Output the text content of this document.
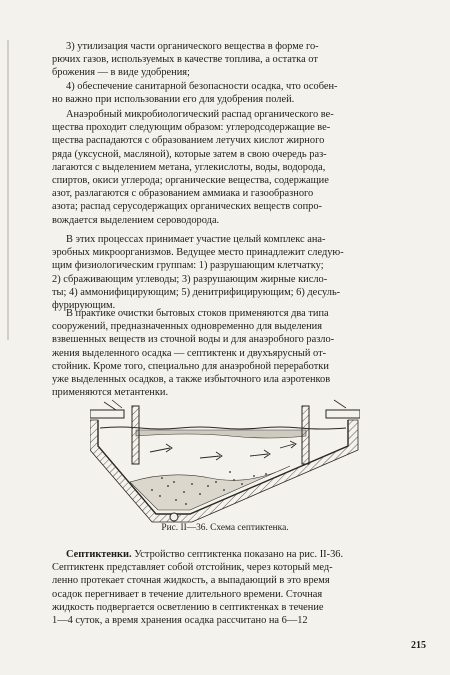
3) утилизация части органического вещества в форме го-
рючих газов, используемых в качестве топлива, а остатка от
брожения — в виде удобрения;
4) обеспечение санитарной безопасности осадка, что особен-
но важно при использовании его для удобрения полей.
Анаэробный микробиологический распад органического ве-
щества проходит следующим образом: углеродсодержащие ве-
щества распадаются с образованием летучих кислот жирного
ряда (уксусной, масляной), которые затем в свою очередь раз-
лагаются с выделением метана, углекислоты, воды, водорода,
спиртов, окиси углерода; органические вещества, содержащие
азот, разлагаются с образованием аммиака и газообразного
азота; распад серусодержащих органических веществ сопро-
вождается выделением сероводорода.
В этих процессах принимает участие целый комплекс ана-
эробных микроорганизмов. Ведущее место принадлежит следую-
щим физиологическим группам: 1) разрушающим клетчатку;
2) сбраживающим углеводы; 3) разрушающим жирные кисло-
ты; 4) аммонифицирующим; 5) денитрифицирующим; 6) десуль-
фурирующим.
В практике очистки бытовых стоков применяются два типа
сооружений, предназначенных одновременно для выделения
взвешенных веществ из сточной воды и для анаэробного разло-
жения выделенного осадка — септиктенк и двухъярусный от-
стойник. Кроме того, специально для анаэробной переработки
уже выделенных осадков, а также избыточного ила аэротенков
применяются метантенки.
Рис. II—36. Схема септиктенка.
Септиктенки. Устройство септиктенка показано на рис. II-36.
Септиктенк представляет собой отстойник, через который мед-
ленно протекает сточная жидкость, а выпадающий в это время
осадок перегнивает в течение длительного времени. Сточная
жидкость подвергается осветлению в септиктенках в течение
1—4 суток, а время хранения осадка рассчитано на 6—12
215
